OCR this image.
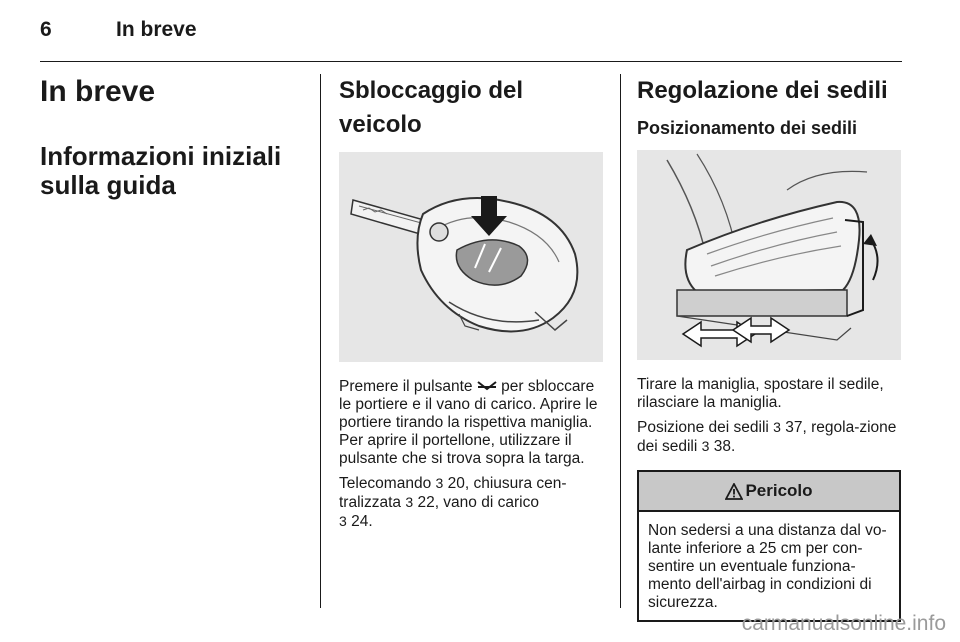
6	In breve
In breve
Informazioni iniziali sulla guida
Sbloccaggio del veicolo

Premere il pulsante per sbloccare le portiere e il vano di carico. Aprire le portiere tirando la rispettiva maniglia. Per aprire il portellone, utilizzare il pulsante che si trova sopra la targa.

Telecomando 3 20, chiusura cen-tralizzata 3 22, vano di carico
3 24.

Regolazione dei sedili
Posizionamento dei sedili

Tirare la maniglia, spostare il sedile, rilasciare la maniglia.

Posizione dei sedili 3 37, regola-zione dei sedili 3 38.

Pericolo

Non sedersi a una distanza dal vo-lante inferiore a 25 cm per con-sentire un eventuale funziona-mento dell'airbag in condizioni di sicurezza.

carmanualsonline.info
